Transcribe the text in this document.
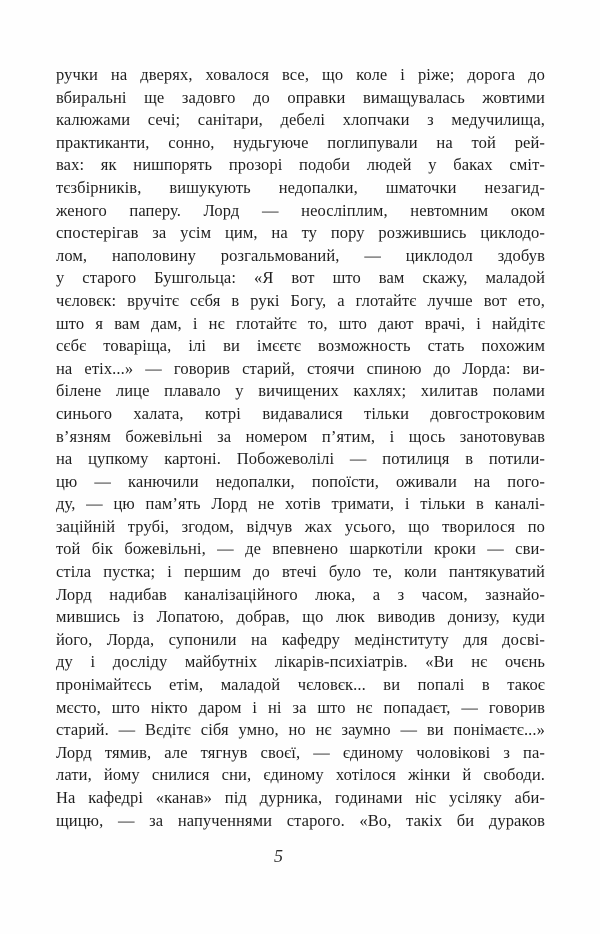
ручки на дверях, ховалося все, що коле і ріже; дорога до
вбиральні ще задовго до оправки вимащувалась жовтими
калюжами сечі; санітари, дебелі хлопчаки з медучилища,
практиканти, сонно, нудьгуюче поглипували на той рей-
вах: як нишпорять прозорі подоби людей у баках сміт-
тєзбірників, вишукують недопалки, шматочки незагид-
женого паперу. Лорд — неосліплим, невтомним оком
спостерігав за усім цим, на ту пору розжившись циклодо-
лом, наполовину розгальмований, — циклодол здобув
у старого Бушгольца: «Я вот што вам скажу, маладой
чєловєк: вручітє сєбя в рукі Богу, а глотайтє лучше вот ето,
што я вам дам, і нє глотайтє то, што дают врачі, і найдітє
сєбє товаріща, ілі ви імєєтє возможность стать похожим
на етіх...» — говорив старий, стоячи спиною до Лорда: ви-
білене лице плавало у вичищених кахлях; хилитав полами
синього халата, котрі видавалися тільки довгостроковим
в’язням божевільні за номером п’ятим, і щось занотовував
на цупкому картоні. Побожеволілі — потилиця в потили-
цю — канючили недопалки, попоїсти, оживали на пого-
ду, — цю пам’ять Лорд не хотів тримати, і тільки в каналі-
заційній трубі, згодом, відчув жах усього, що творилося по
той бік божевільні, — де впевнено шаркотіли кроки — сви-
стіла пустка; і першим до втечі було те, коли пантякуватий
Лорд надибав каналізаційного люка, а з часом, зазнайо-
мившись із Лопатою, добрав, що люк виводив донизу, куди
його, Лорда, супонили на кафедру медінституту для досві-
ду і досліду майбутніх лікарів-психіатрів. «Ви нє очєнь
пронімайтєсь етім, маладой чєловєк... ви попалі в такоє
мєсто, што нікто даром і ні за што нє попадаєт, — говорив
старий. — Вєдітє сібя умно, но нє заумно — ви понімаєтє...»
Лорд тямив, але тягнув своєї, — єдиному чоловікові з па-
лати, йому снилися сни, єдиному хотілося жінки й свободи.
На кафедрі «канав» під дурника, годинами ніс усіляку аби-
щицю, — за напученнями старого. «Во, такіх би дураков
5
